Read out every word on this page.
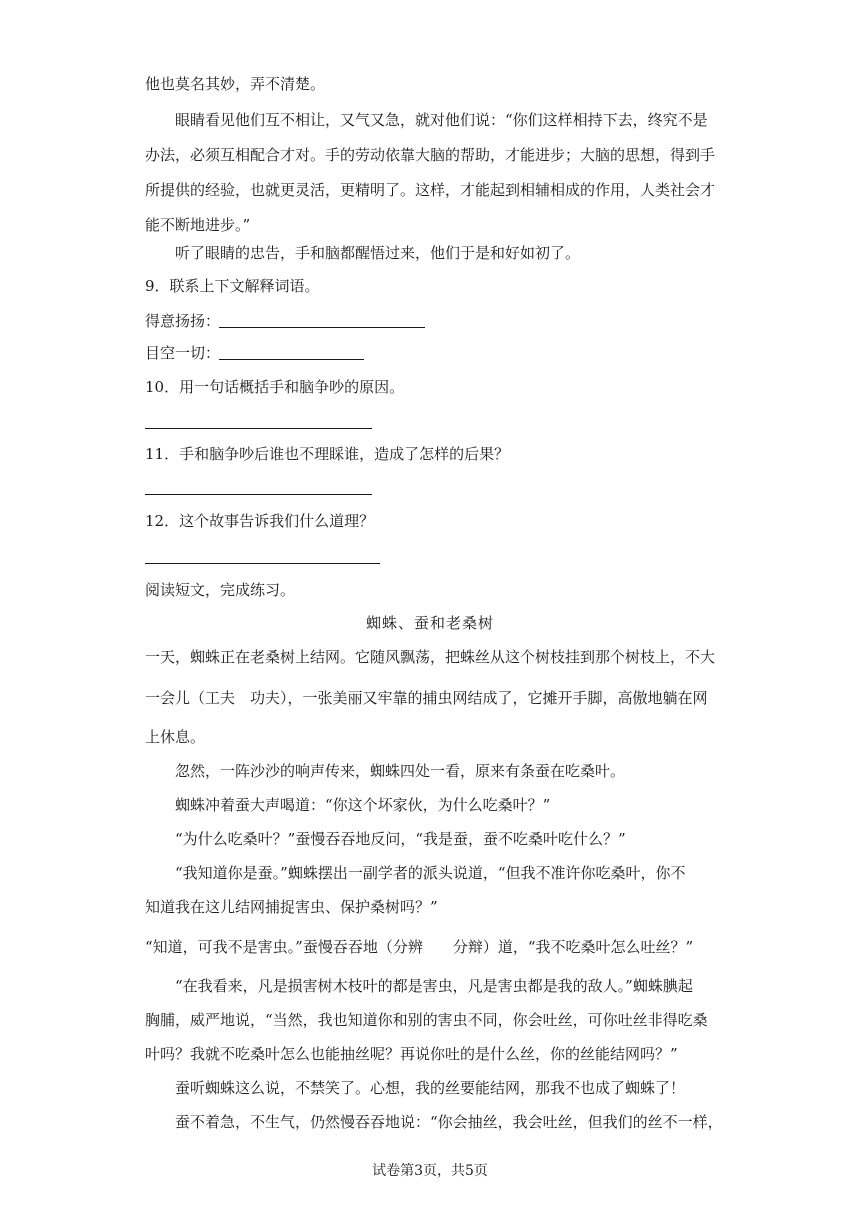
他也莫名其妙，弄不清楚。
眼睛看见他们互不相让，又气又急，就对他们说：“你们这样相持下去，终究不是
办法，必须互相配合才对。手的劳动依靠大脑的帮助，才能进步；大脑的思想，得到手
所提供的经验，也就更灵活，更精明了。这样，才能起到相辅相成的作用，人类社会才
能不断地进步。”
听了眼睛的忠告，手和脑都醒悟过来，他们于是和好如初了。
9．联系上下文解释词语。
得意扬扬：
目空一切：
10．用一句话概括手和脑争吵的原因。
11．手和脑争吵后谁也不理睬谁，造成了怎样的后果？
12．这个故事告诉我们什么道理？
阅读短文，完成练习。
蜘蛛、蚕和老桑树
一天，蜘蛛正在老桑树上结网。它随风飘荡，把蛛丝从这个树枝挂到那个树枝上，不大
一会儿（工夫　功夫），一张美丽又牢靠的捕虫网结成了，它摊开手脚，高傲地躺在网
上休息。
忽然，一阵沙沙的响声传来，蜘蛛四处一看，原来有条蚕在吃桑叶。
蜘蛛冲着蚕大声喝道：“你这个坏家伙，为什么吃桑叶？”
“为什么吃桑叶？”蚕慢吞吞地反问，“我是蚕，蚕不吃桑叶吃什么？”
“我知道你是蚕。”蜘蛛摆出一副学者的派头说道，“但我不准许你吃桑叶，你不
知道我在这儿结网捕捉害虫、保护桑树吗？”
“知道，可我不是害虫。”蚕慢吞吞地（分辨　　分辩）道，“我不吃桑叶怎么吐丝？”
“在我看来，凡是损害树木枝叶的都是害虫，凡是害虫都是我的敌人。”蜘蛛腆起
胸脯，威严地说，“当然，我也知道你和别的害虫不同，你会吐丝，可你吐丝非得吃桑
叶吗？我就不吃桑叶怎么也能抽丝呢？再说你吐的是什么丝，你的丝能结网吗？”
蚕听蜘蛛这么说，不禁笑了。心想，我的丝要能结网，那我不也成了蜘蛛了！
蚕不着急，不生气，仍然慢吞吞地说：“你会抽丝，我会吐丝，但我们的丝不一样，
试卷第3页，共5页
